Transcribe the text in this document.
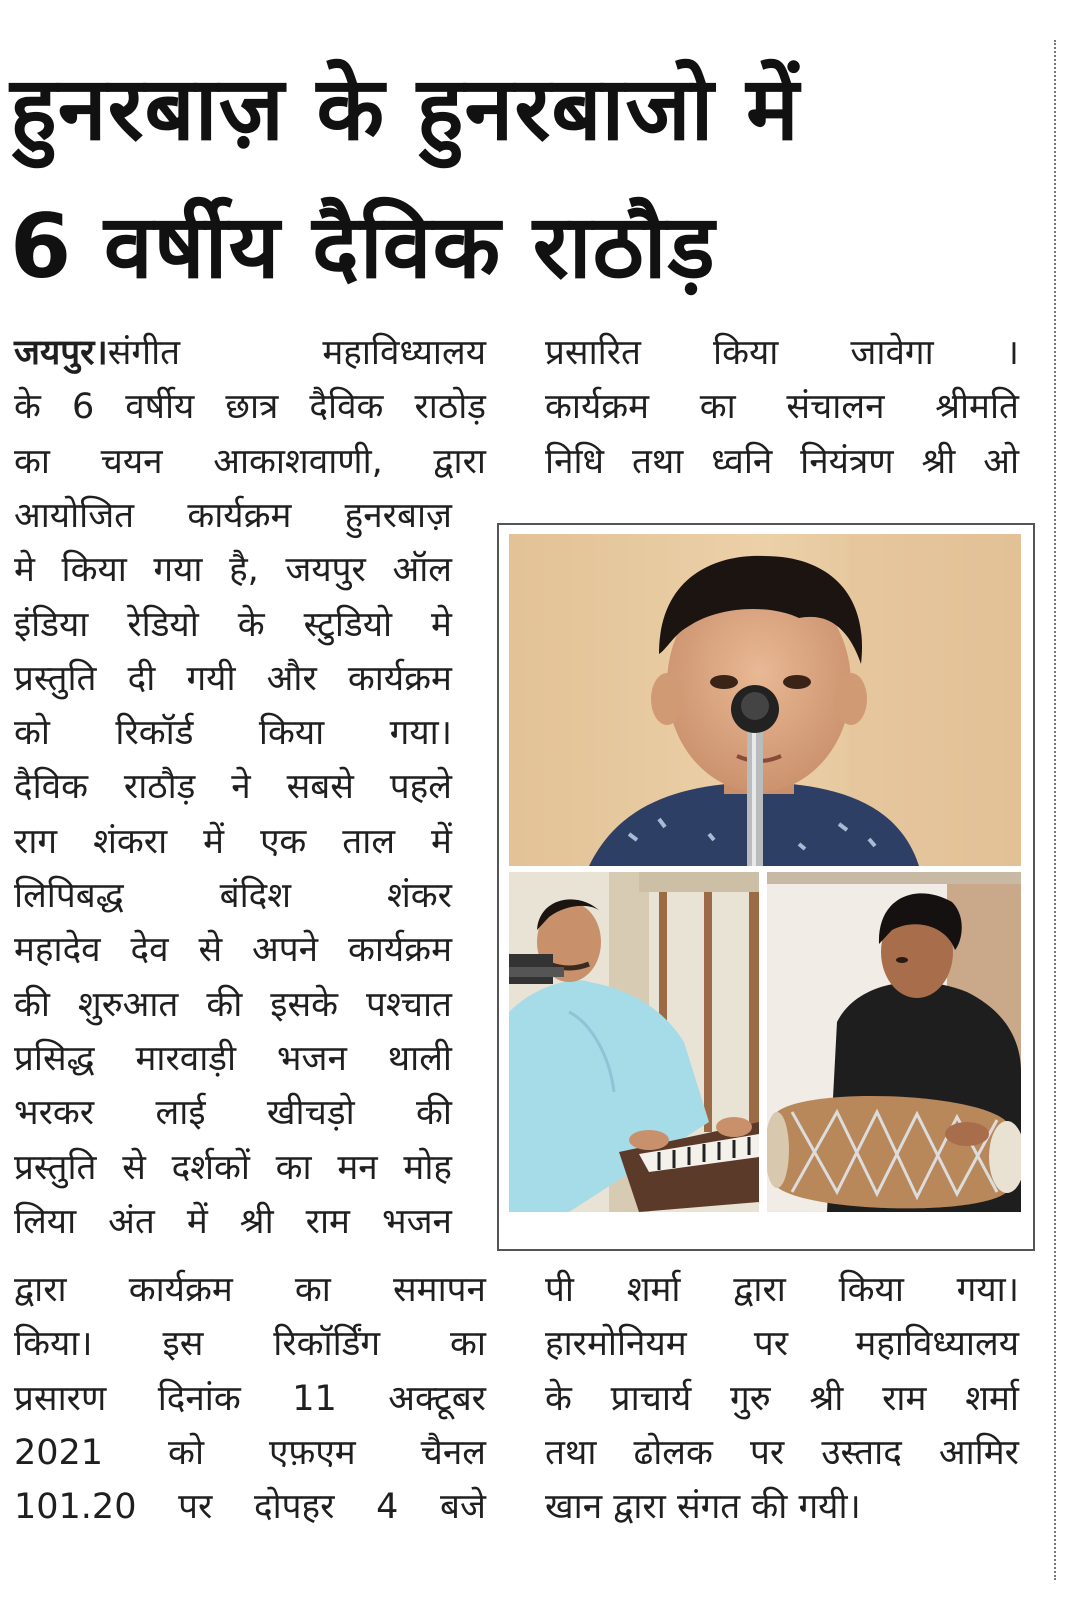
हुनरबाज़ के हुनरबाजो में
6 वर्षीय दैविक राठौड़
जयपुर।संगीत महाविध्यालय
के 6 वर्षीय छात्र दैविक राठोड़
का चयन आकाशवाणी, द्वारा
आयोजित कार्यक्रम हुनरबाज़
मे किया गया है, जयपुर ऑल
इंडिया रेडियो के स्टुडियो मे
प्रस्तुति दी गयी और कार्यक्रम
को रिकॉर्ड किया गया।
दैविक राठौड़ ने सबसे पहले
राग शंकरा में एक ताल में
लिपिबद्ध बंदिश शंकर
महादेव देव से अपने कार्यक्रम
की शुरुआत की इसके पश्चात
प्रसिद्ध मारवाड़ी भजन थाली
भरकर लाई खीचड़ो की
प्रस्तुति से दर्शकों का मन मोह
लिया अंत में श्री राम भजन
द्वारा कार्यक्रम का समापन
किया। इस रिकॉर्डिंग का
प्रसारण दिनांक 11 अक्टूबर
2021 को एफ़एम चैनल
101.20 पर दोपहर 4 बजे
प्रसारित किया जावेगा ।
कार्यक्रम का संचालन श्रीमति
निधि तथा ध्वनि नियंत्रण श्री ओ
पी शर्मा द्वारा किया गया।
हारमोनियम पर महाविध्यालय
के प्राचार्य गुरु श्री राम शर्मा
तथा ढोलक पर उस्ताद आमिर
खान द्वारा संगत की गयी।
